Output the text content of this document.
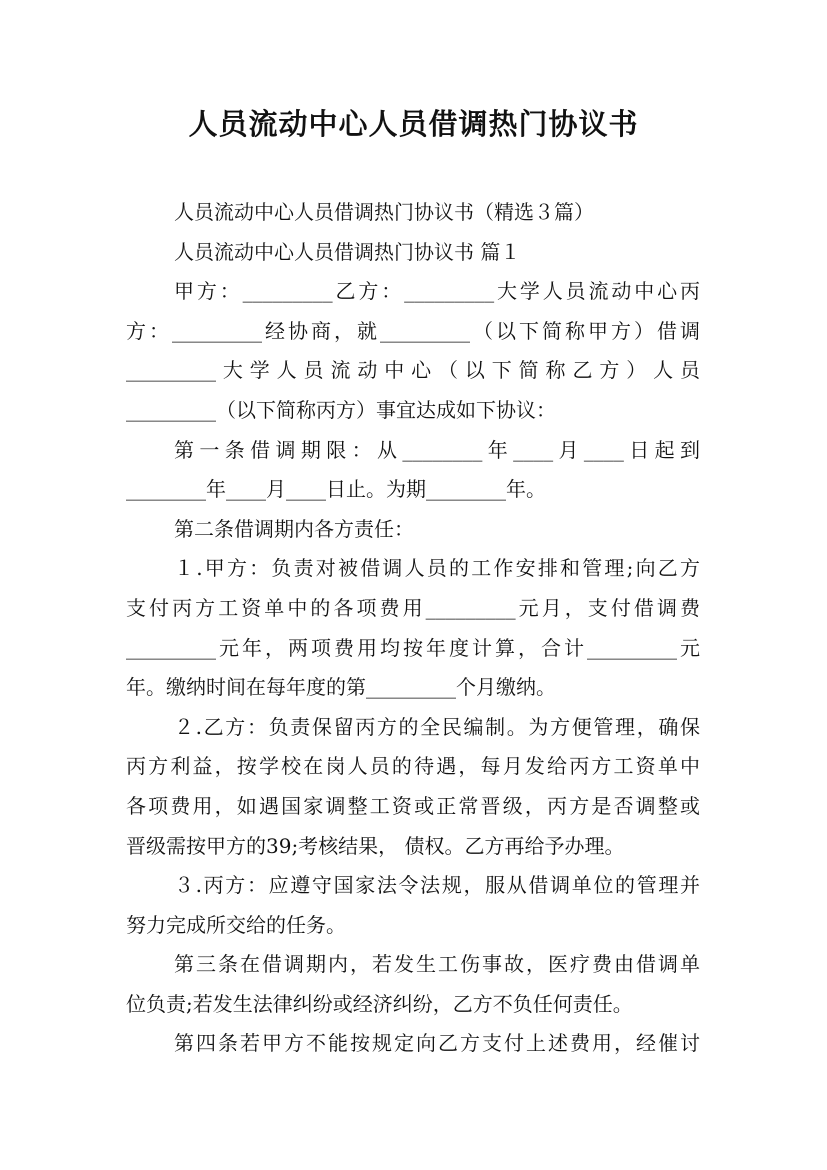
人员流动中心人员借调热门协议书
人员流动中心人员借调热门协议书（精选３篇）
人员流动中心人员借调热门协议书 篇１
甲方：_________乙方：_________大学人员流动中心丙
方：_________经协商，就_________（以下简称甲方）借调
_________大学人员流动中心（以下简称乙方）人员
_________（以下简称丙方）事宜达成如下协议：
第一条借调期限：从________年____月____日起到
________年____月____日止。为期________年。
第二条借调期内各方责任：
１.甲方：负责对被借调人员的工作安排和管理;向乙方
支付丙方工资单中的各项费用_________元月，支付借调费
_________元年，两项费用均按年度计算，合计_________元
年。缴纳时间在每年度的第_________个月缴纳。
２.乙方：负责保留丙方的全民编制。为方便管理，确保
丙方利益，按学校在岗人员的待遇，每月发给丙方工资单中
各项费用，如遇国家调整工资或正常晋级，丙方是否调整或
晋级需按甲方的39;考核结果， 债权。乙方再给予办理。
３.丙方：应遵守国家法令法规，服从借调单位的管理并
努力完成所交给的任务。
第三条在借调期内，若发生工伤事故，医疗费由借调单
位负责;若发生法律纠纷或经济纠纷，乙方不负任何责任。
第四条若甲方不能按规定向乙方支付上述费用，经催讨
